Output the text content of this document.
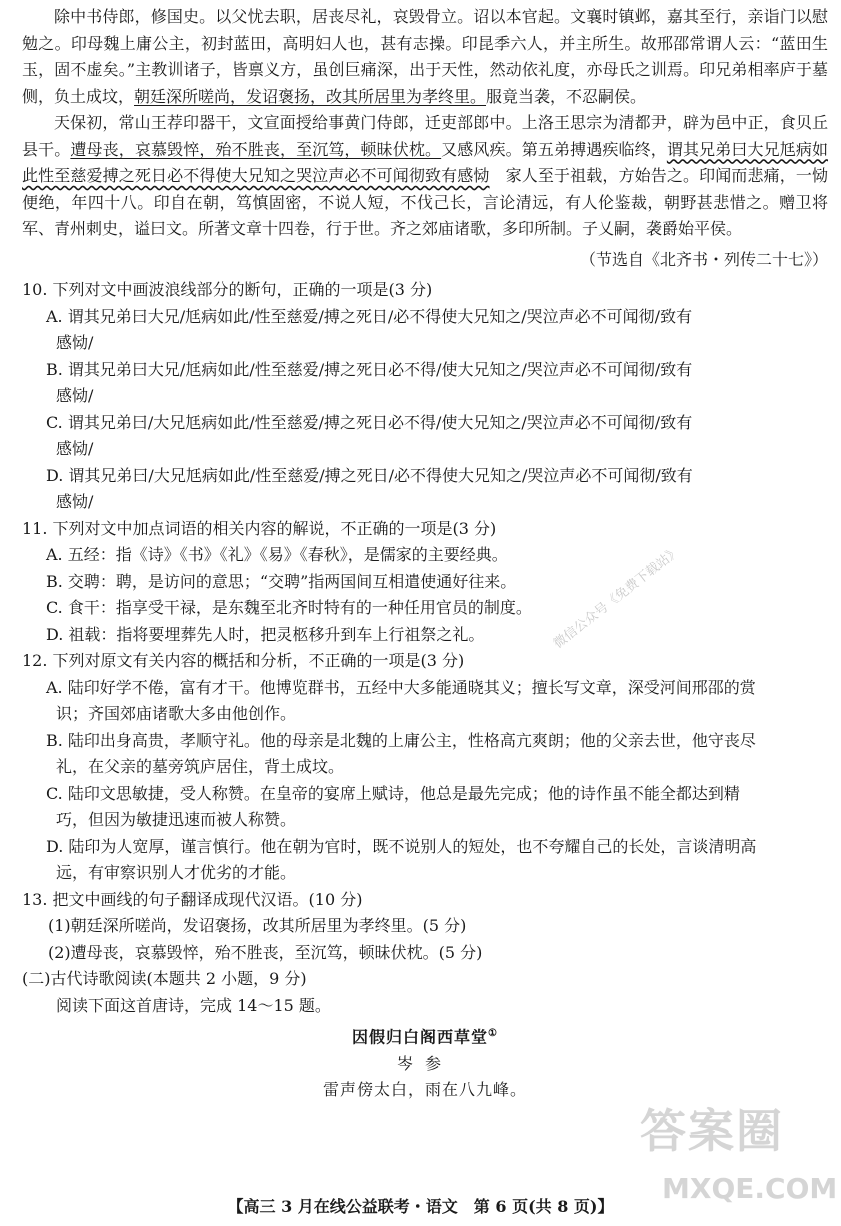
除中书侍郎，修国史。以父忧去职，居丧尽礼，哀毁骨立。诏以本官起。文襄时镇邺，嘉其至行，亲诣门以慰勉之。印母魏上庸公主，初封蓝田，高明妇人也，甚有志操。印昆季六人，并主所生。故邢邵常谓人云：“蓝田生玉，固不虚矣。”主教训诸子，皆禀义方，虽创巨痛深，出于天性，然动依礼度，亦母氏之训焉。印兄弟相率庐于墓侧，负土成坟，朝廷深所嗟尚，发诏褒扬，改其所居里为孝终里。服竟当袭，不忍嗣侯。

天保初，常山王荐印器干，文宣面授给事黄门侍郎，迁吏部郎中。上洛王思宗为清都尹，辟为邑中正，食贝丘县干。遭母丧，哀慕毁悴，殆不胜丧，至沉笃，顿昧伏枕。又感风疾。第五弟搏遇疾临终，谓其兄弟曰大兄尪病如此性至慈爱搏之死日必不得使大兄知之哭泣声必不可闻彻致有感恸　 家人至于祖载，方始告之。印闻而悲痛，一恸便绝，年四十八。印自在朝，笃慎固密，不说人短，不伐己长，言论清远，有人伦鉴裁，朝野甚悲惜之。赠卫将军、青州刺史，谥曰文。所著文章十四卷，行于世。齐之郊庙诸歌，多印所制。子乂嗣，袭爵始平侯。

（节选自《北齐书・列传二十七》）

10. 下列对文中画波浪线部分的断句，正确的一项是(3 分)

A. 谓其兄弟曰大兄/尪病如此/性至慈爱/搏之死日/必不得使大兄知之/哭泣声必不可闻彻/致有

感恸/

B. 谓其兄弟曰大兄/尪病如此/性至慈爱/搏之死日必不得/使大兄知之/哭泣声必不可闻彻/致有

感恸/

C. 谓其兄弟曰/大兄尪病如此/性至慈爱/搏之死日必不得/使大兄知之/哭泣声必不可闻彻/致有

感恸/

D. 谓其兄弟曰/大兄尪病如此/性至慈爱/搏之死日/必不得使大兄知之/哭泣声必不可闻彻/致有

感恸/

11. 下列对文中加点词语的相关内容的解说，不正确的一项是(3 分)

A. 五经：指《诗》《书》《礼》《易》《春秋》，是儒家的主要经典。

B. 交聘：聘，是访问的意思；“交聘”指两国间互相遣使通好往来。

C. 食干：指享受干禄，是东魏至北齐时特有的一种任用官员的制度。

D. 祖载：指将要埋葬先人时，把灵柩移升到车上行祖祭之礼。

12. 下列对原文有关内容的概括和分析，不正确的一项是(3 分)

A. 陆印好学不倦，富有才干。他博览群书，五经中大多能通晓其义；擅长写文章，深受河间邢邵的赏

识；齐国郊庙诸歌大多由他创作。

B. 陆印出身高贵，孝顺守礼。他的母亲是北魏的上庸公主，性格高亢爽朗；他的父亲去世，他守丧尽

礼，在父亲的墓旁筑庐居住，背土成坟。

C. 陆印文思敏捷，受人称赞。在皇帝的宴席上赋诗，他总是最先完成；他的诗作虽不能全都达到精

巧，但因为敏捷迅速而被人称赞。

D. 陆印为人宽厚，谨言慎行。他在朝为官时，既不说别人的短处，也不夸耀自己的长处，言谈清明高

远，有审察识别人才优劣的才能。

13. 把文中画线的句子翻译成现代汉语。(10 分)

(1)朝廷深所嗟尚，发诏褒扬，改其所居里为孝终里。(5 分)

(2)遭母丧，哀慕毁悴，殆不胜丧，至沉笃，顿昧伏枕。(5 分)

(二)古代诗歌阅读(本题共 2 小题，9 分)

阅读下面这首唐诗，完成 14～15 题。

因假归白阁西草堂①

岑参

雷声傍太白，雨在八九峰。

微信公众号《免费下载站》
答案圈
MXQE.COM
【高三 3 月在线公益联考・语文　第 6 页(共 8 页)】
